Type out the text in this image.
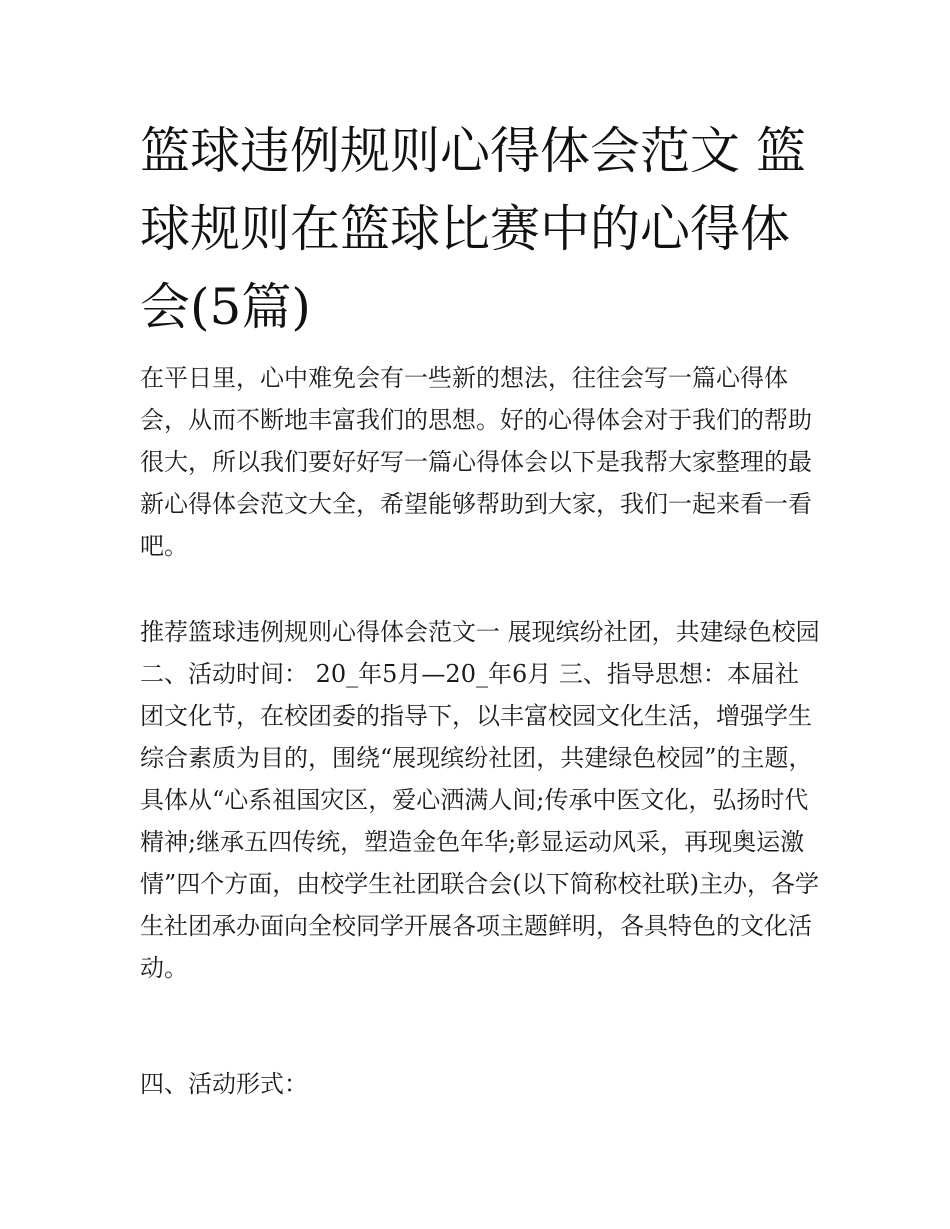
篮球违例规则心得体会范文 篮球规则在篮球比赛中的心得体会(5篇)

在平日里，心中难免会有一些新的想法，往往会写一篇心得体会，从而不断地丰富我们的思想。好的心得体会对于我们的帮助很大，所以我们要好好写一篇心得体会以下是我帮大家整理的最新心得体会范文大全，希望能够帮助到大家，我们一起来看一看吧。

推荐篮球违例规则心得体会范文一 展现缤纷社团，共建绿色校园 二、活动时间： 20_年5月—20_年6月 三、指导思想：本届社团文化节，在校团委的指导下，以丰富校园文化生活，增强学生综合素质为目的，围绕“展现缤纷社团，共建绿色校园”的主题，具体从“心系祖国灾区，爱心洒满人间;传承中医文化，弘扬时代精神;继承五四传统，塑造金色年华;彰显运动风采，再现奥运激情”四个方面，由校学生社团联合会(以下简称校社联)主办，各学生社团承办面向全校同学开展各项主题鲜明，各具特色的文化活动。

四、活动形式：
